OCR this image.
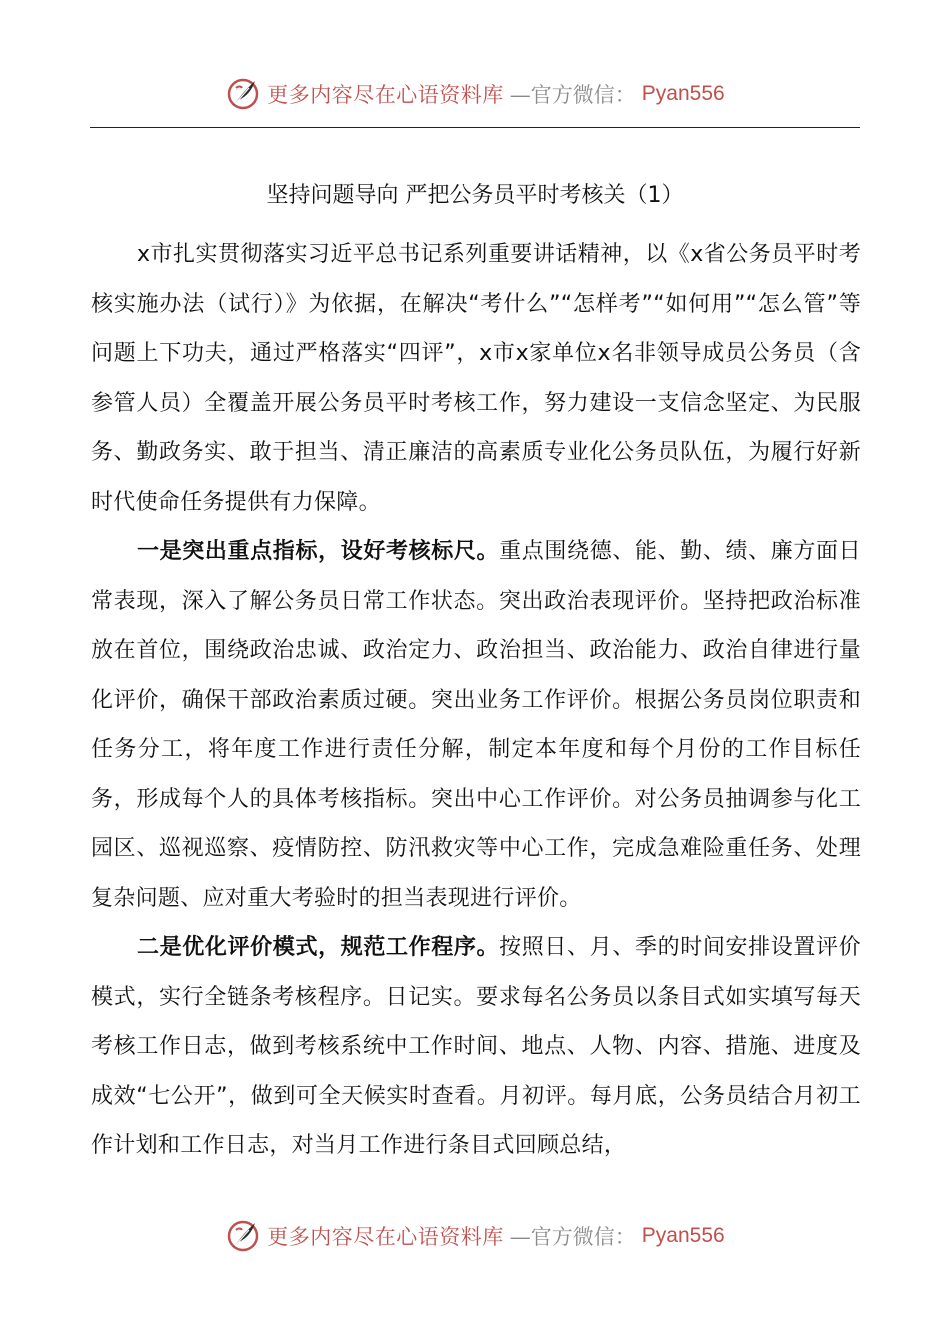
更多内容尽在心语资料库 —官方微信： Pyan556
坚持问题导向 严把公务员平时考核关（1）

x市扎实贯彻落实习近平总书记系列重要讲话精神，以《x省公务员平时考核实施办法（试行）》为依据，在解决“考什么”“怎样考”“如何用”“怎么管”等问题上下功夫，通过严格落实“四评”，x市x家单位x名非领导成员公务员（含参管人员）全覆盖开展公务员平时考核工作，努力建设一支信念坚定、为民服务、勤政务实、敢于担当、清正廉洁的高素质专业化公务员队伍，为履行好新时代使命任务提供有力保障。

一是突出重点指标，设好考核标尺。重点围绕德、能、勤、绩、廉方面日常表现，深入了解公务员日常工作状态。突出政治表现评价。坚持把政治标准放在首位，围绕政治忠诚、政治定力、政治担当、政治能力、政治自律进行量化评价，确保干部政治素质过硬。突出业务工作评价。根据公务员岗位职责和任务分工，将年度工作进行责任分解，制定本年度和每个月份的工作目标任务，形成每个人的具体考核指标。突出中心工作评价。对公务员抽调参与化工园区、巡视巡察、疫情防控、防汛救灾等中心工作，完成急难险重任务、处理复杂问题、应对重大考验时的担当表现进行评价。

二是优化评价模式，规范工作程序。按照日、月、季的时间安排设置评价模式，实行全链条考核程序。日记实。要求每名公务员以条目式如实填写每天考核工作日志，做到考核系统中工作时间、地点、人物、内容、措施、进度及成效“七公开”，做到可全天候实时查看。月初评。每月底，公务员结合月初工作计划和工作日志，对当月工作进行条目式回顾总结，

更多内容尽在心语资料库 —官方微信： Pyan556
